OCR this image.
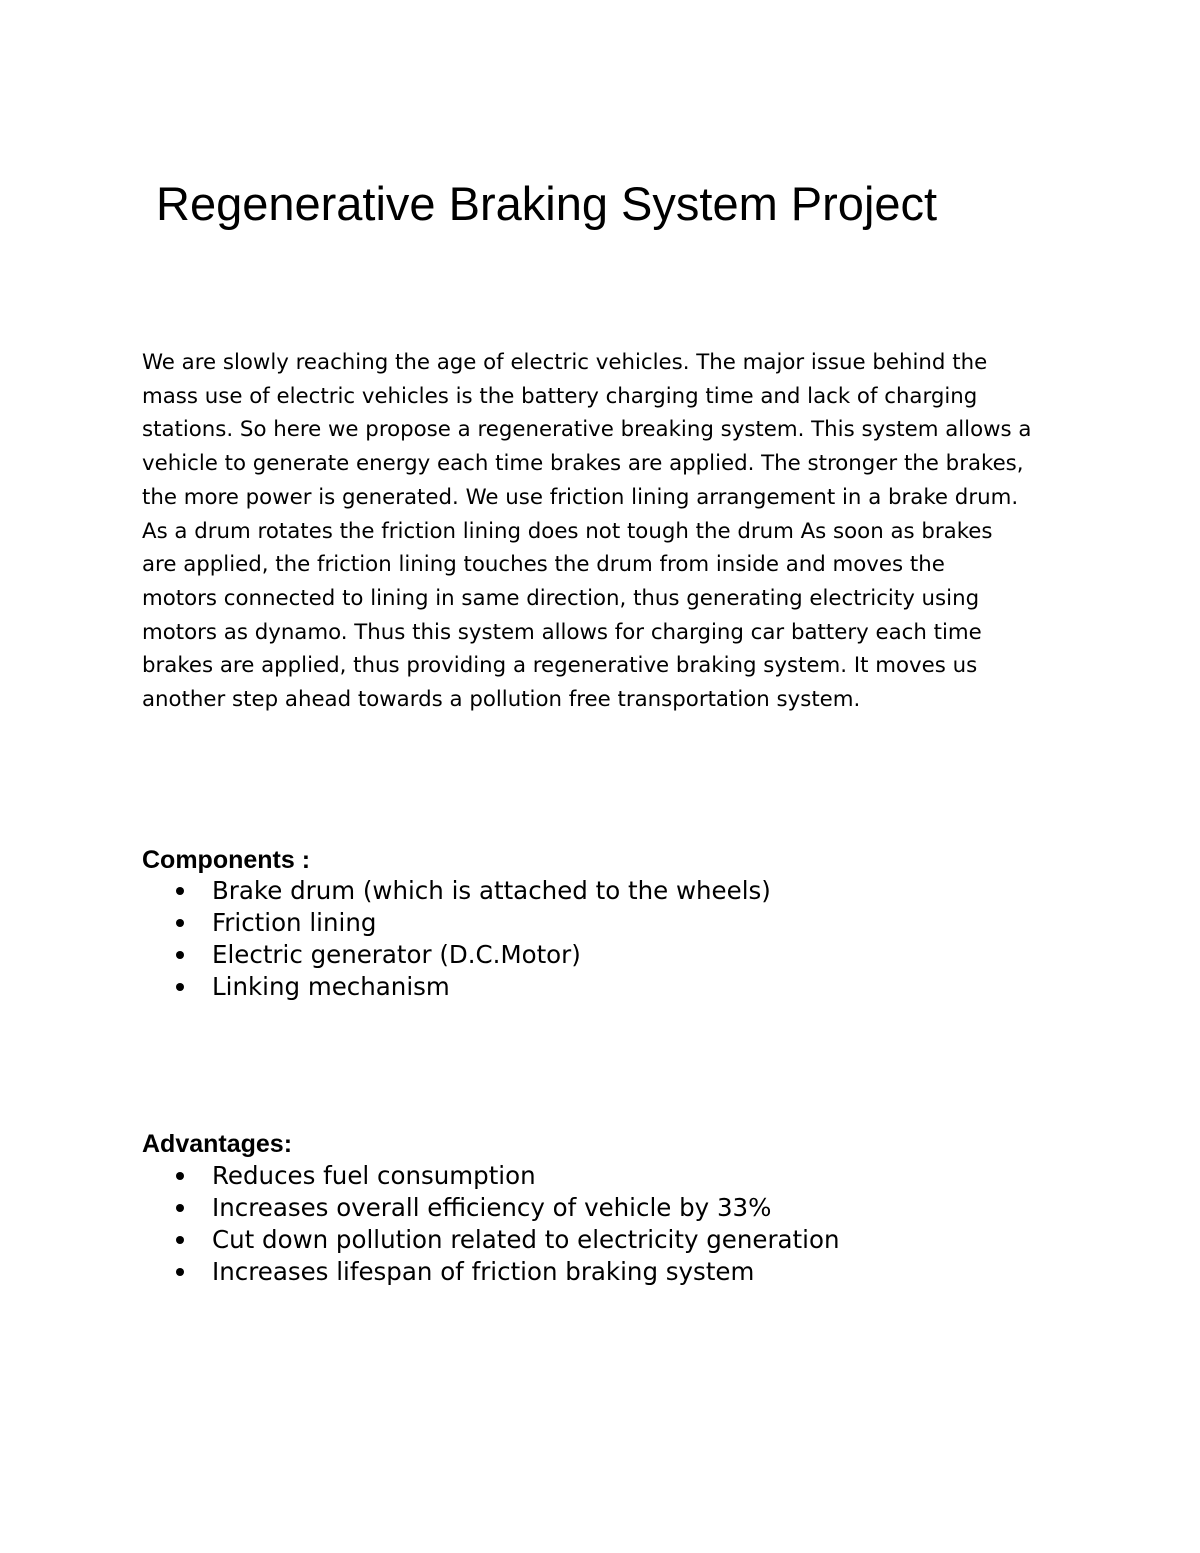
Regenerative Braking System Project

We are slowly reaching the age of electric vehicles. The major issue behind the
mass use of electric vehicles is the battery charging time and lack of charging
stations. So here we propose a regenerative breaking system. This system allows a
vehicle to generate energy each time brakes are applied. The stronger the brakes,
the more power is generated. We use friction lining arrangement in a brake drum.
As a drum rotates the friction lining does not tough the drum As soon as brakes
are applied, the friction lining touches the drum from inside and moves the
motors connected to lining in same direction, thus generating electricity using
motors as dynamo. Thus this system allows for charging car battery each time
brakes are applied, thus providing a regenerative braking system. It moves us
another step ahead towards a pollution free transportation system.

Components :
Brake drum (which is attached to the wheels)
Friction lining
Electric generator (D.C.Motor)
Linking mechanism
Advantages:
Reduces fuel consumption
Increases overall efficiency of vehicle by 33%
Cut down pollution related to electricity generation
Increases lifespan of friction braking system
